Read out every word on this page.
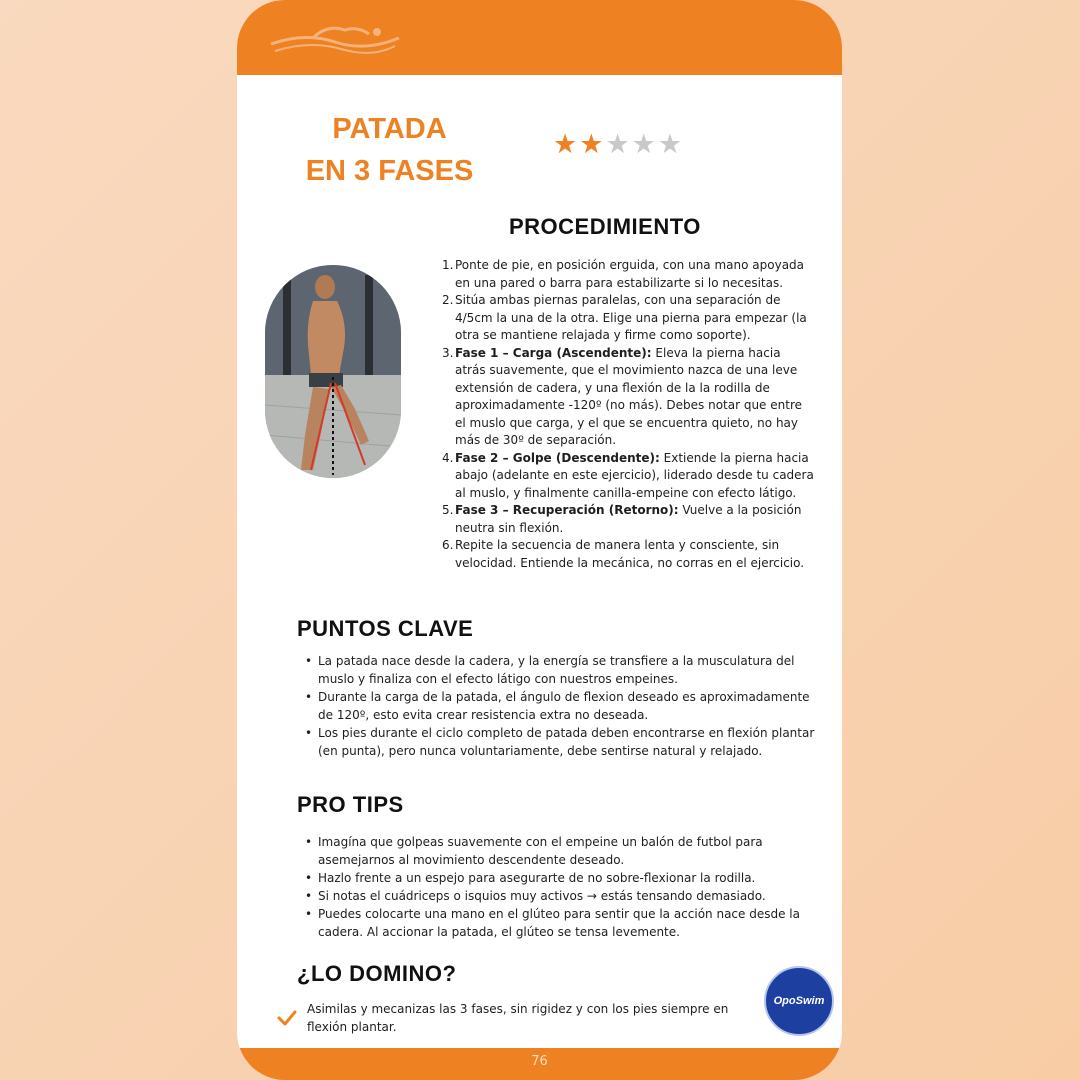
PATADA
EN 3 FASES
★ ★ ★ ★ ★
PROCEDIMIENTO
1. Ponte de pie, en posición erguida, con una mano apoyada en una pared o barra para estabilizarte si lo necesitas.
2. Sitúa ambas piernas paralelas, con una separación de 4/5cm la una de la otra. Elige una pierna para empezar (la otra se mantiene relajada y firme como soporte).
3. Fase 1 – Carga (Ascendente): Eleva la pierna hacia atrás suavemente, que el movimiento nazca de una leve extensión de cadera, y una flexión de la la rodilla de aproximadamente -120º (no más). Debes notar que entre el muslo que carga, y el que se encuentra quieto, no hay más de 30º de separación.
4. Fase 2 – Golpe (Descendente): Extiende la pierna hacia abajo (adelante en este ejercicio), liderado desde tu cadera al muslo, y finalmente canilla-empeine con efecto látigo.
5. Fase 3 – Recuperación (Retorno): Vuelve a la posición neutra sin flexión.
6. Repite la secuencia de manera lenta y consciente, sin velocidad. Entiende la mecánica, no corras en el ejercicio.
PUNTOS CLAVE
• La patada nace desde la cadera, y la energía se transfiere a la musculatura del muslo y finaliza con el efecto látigo con nuestros empeines.
• Durante la carga de la patada, el ángulo de flexion deseado es aproximadamente de 120º, esto evita crear resistencia extra no deseada.
• Los pies durante el ciclo completo de patada deben encontrarse en flexión plantar (en punta), pero nunca voluntariamente, debe sentirse natural y relajado.
PRO TIPS
• Imagína que golpeas suavemente con el empeine un balón de futbol para asemejarnos al movimiento descendente deseado.
• Hazlo frente a un espejo para asegurarte de no sobre-flexionar la rodilla.
• Si notas el cuádriceps o isquios muy activos → estás tensando demasiado.
• Puedes colocarte una mano en el glúteo para sentir que la acción nace desde la cadera. Al accionar la patada, el glúteo se tensa levemente.
¿LO DOMINO?
Asimilas y mecanizas las 3 fases, sin rigidez y con los pies siempre en flexión plantar.
OpoSwim
76
